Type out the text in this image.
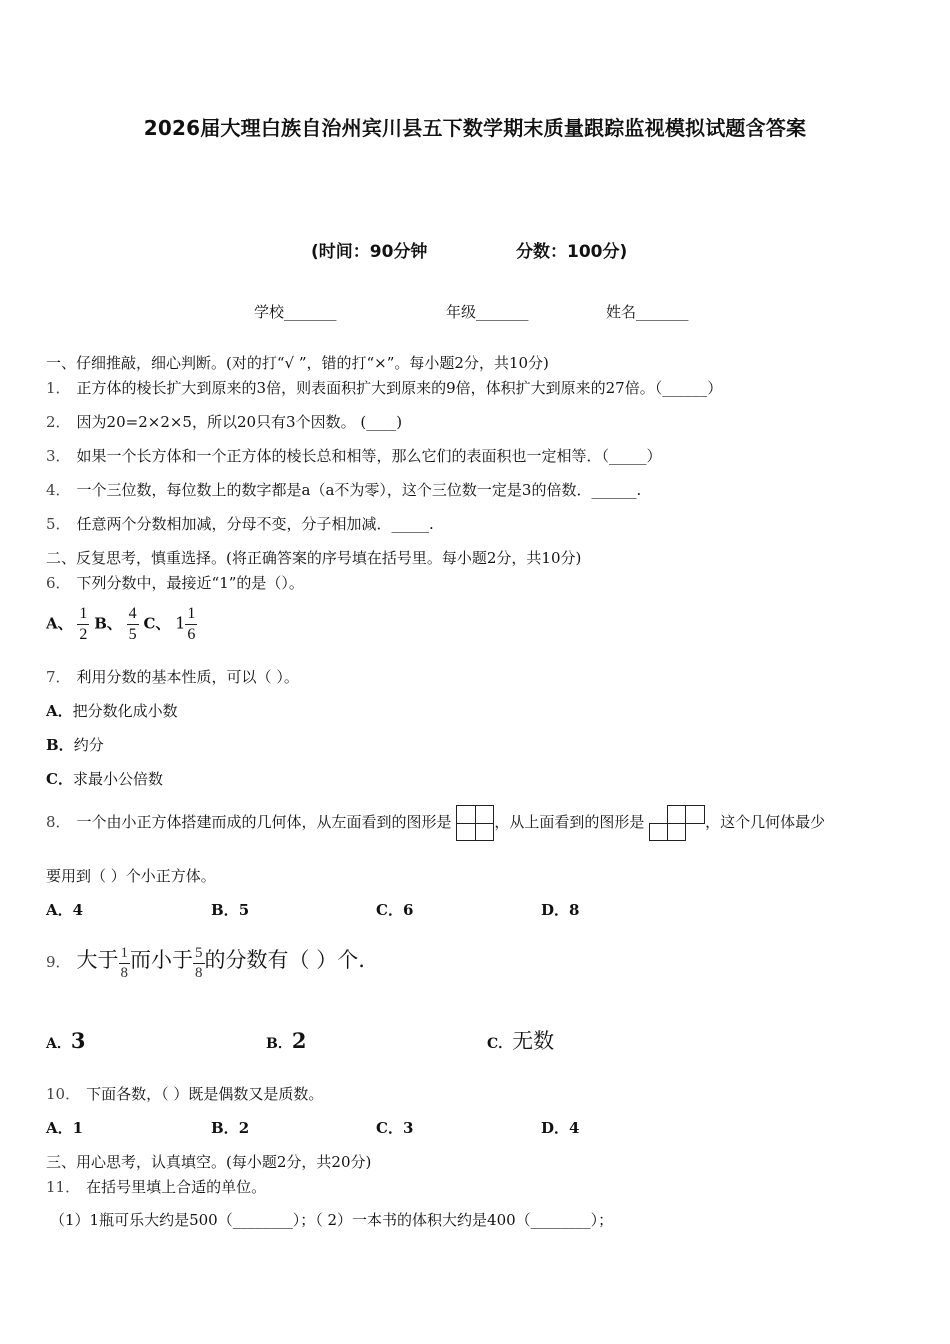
2026届大理白族自治州宾川县五下数学期末质量跟踪监视模拟试题含答案
(时间：90分钟	分数：100分)
学校_______	年级_______	姓名_______
一、仔细推敲，细心判断。(对的打“√ ”，错的打“×”。每小题2分，共10分)
1． 正方体的棱长扩大到原来的3倍，则表面积扩大到原来的9倍，体积扩大到原来的27倍。（______）
2． 因为20=2×2×5，所以20只有3个因数。 (____)
3． 如果一个长方体和一个正方体的棱长总和相等，那么它们的表面积也一定相等．（_____）
4． 一个三位数，每位数上的数字都是a（a不为零），这个三位数一定是3的倍数．______.
5． 任意两个分数相加减，分母不变，分子相加减．_____.
二、反复思考，慎重选择。(将正确答案的序号填在括号里。每小题2分，共10分)
6． 下列分数中，最接近“1”的是（）。
A、 $\frac{1}{2}$ B、 $\frac{4}{5}$ C、 $1 \frac{1}{6}$
7． 利用分数的基本性质，可以（ ）。
A．把分数化成小数
B．约分
C．求最小公倍数
8． 一个由小正方体搭建而成的几何体，从左面看到的图形是	，从上面看到的图形是	，这个几何体最少
要用到（ ）个小正方体。
A．4	B．5	C．6	D．8
9． 大于 $\frac{1}{8}$ 而小于 $\frac{5}{8}$ 的分数有（ ）个.
A．3	B．2	C．无数
10． 下面各数，（ ）既是偶数又是质数。
A．1	B．2	C．3	D．4
三、用心思考，认真填空。(每小题2分，共20分)
11． 在括号里填上合适的单位。
（1）1瓶可乐大约是500（________）；（ 2）一本书的体积大约是400（________）；
